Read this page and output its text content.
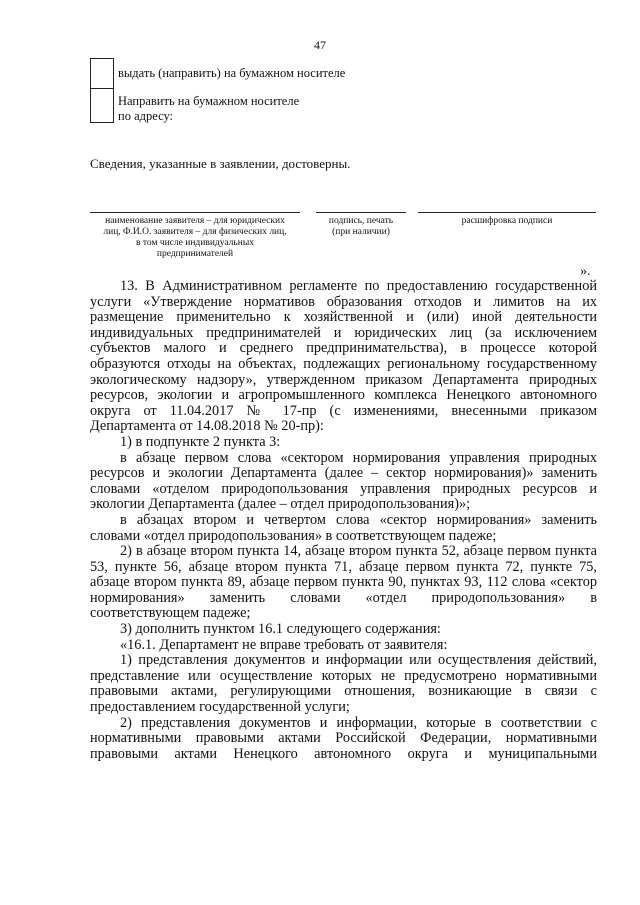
47
выдать (направить) на бумажном носителе
Направить на бумажном носителе
по адресу:
Сведения, указанные в заявлении, достоверны.
наименование заявителя – для юридических
лиц, Ф.И.О. заявителя – для физических лиц,
в том числе индивидуальных
предпринимателей
подпись, печать
(при наличии)
расшифровка подписи
».

13. В Административном регламенте по предоставлению государственной услуги «Утверждение нормативов образования отходов и лимитов на их размещение применительно к хозяйственной и (или) иной деятельности индивидуальных предпринимателей и юридических лиц (за исключением субъектов малого и среднего предпринимательства), в процессе которой образуются отходы на объектах, подлежащих региональному государственному экологическому надзору», утвержденном приказом Департамента природных ресурсов, экологии и агропромышленного комплекса Ненецкого автономного округа от 11.04.2017 № 17-пр (с изменениями, внесенными приказом Департамента от 14.08.2018 № 20-пр):

1) в подпункте 2 пункта 3:

в абзаце первом слова «сектором нормирования управления природных ресурсов и экологии Департамента (далее – сектор нормирования)» заменить словами «отделом природопользования управления природных ресурсов и экологии Департамента (далее – отдел природопользования)»;

в абзацах втором и четвертом слова «сектор нормирования» заменить словами «отдел природопользования» в соответствующем падеже;

2) в абзаце втором пункта 14, абзаце втором пункта 52, абзаце первом пункта 53, пункте 56, абзаце втором пункта 71, абзаце первом пункта 72, пункте 75, абзаце втором пункта 89, абзаце первом пункта 90, пунктах 93, 112 слова «сектор нормирования» заменить словами «отдел природопользования» в соответствующем падеже;

3) дополнить пунктом 16.1 следующего содержания:

«16.1. Департамент не вправе требовать от заявителя:

1) представления документов и информации или осуществления действий, представление или осуществление которых не предусмотрено нормативными правовыми актами, регулирующими отношения, возникающие в связи с предоставлением государственной услуги;

2) представления документов и информации, которые в соответствии с нормативными правовыми актами Российской Федерации, нормативными правовыми актами Ненецкого автономного округа и муниципальными
